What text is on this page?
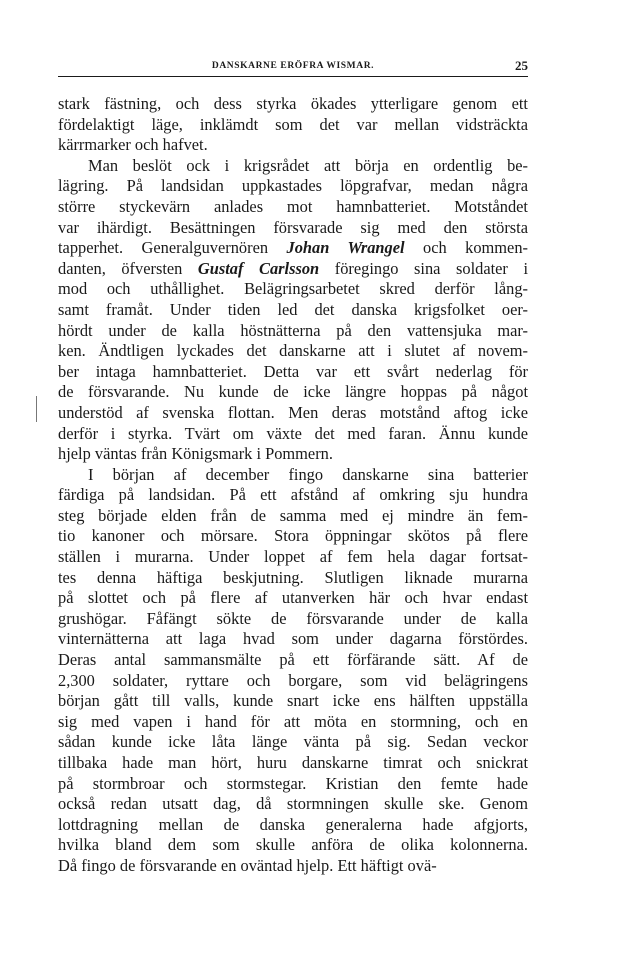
DANSKARNE ERÖFRA WISMAR.	25
stark fästning, och dess styrka ökades ytterligare genom ett
fördelaktigt läge, inklämdt som det var mellan vidsträckta
kärrmarker och hafvet.
Man beslöt ock i krigsrådet att börja en ordentlig be-
lägring. På landsidan uppkastades löpgrafvar, medan några
större styckevärn anlades mot hamnbatteriet. Motståndet
var ihärdigt. Besättningen försvarade sig med den största
tapperhet. Generalguvernören Johan Wrangel och kommen-
danten, öfversten Gustaf Carlsson föregingo sina soldater i
mod och uthållighet. Belägringsarbetet skred derför lång-
samt framåt. Under tiden led det danska krigsfolket oer-
hördt under de kalla höstnätterna på den vattensjuka mar-
ken. Ändtligen lyckades det danskarne att i slutet af novem-
ber intaga hamnbatteriet. Detta var ett svårt nederlag för
de försvarande. Nu kunde de icke längre hoppas på något
understöd af svenska flottan. Men deras motstånd aftog icke
derför i styrka. Tvärt om växte det med faran. Ännu kunde
hjelp väntas från Königsmark i Pommern.
I början af december fingo danskarne sina batterier
färdiga på landsidan. På ett afstånd af omkring sju hundra
steg började elden från de samma med ej mindre än fem-
tio kanoner och mörsare. Stora öppningar skötos på flere
ställen i murarna. Under loppet af fem hela dagar fortsat-
tes denna häftiga beskjutning. Slutligen liknade murarna
på slottet och på flere af utanverken här och hvar endast
grushögar. Fåfängt sökte de försvarande under de kalla
vinternätterna att laga hvad som under dagarna förstördes.
Deras antal sammansmälte på ett förfärande sätt. Af de
2,300 soldater, ryttare och borgare, som vid belägringens
början gått till valls, kunde snart icke ens hälften uppställa
sig med vapen i hand för att möta en stormning, och en
sådan kunde icke låta länge vänta på sig. Sedan veckor
tillbaka hade man hört, huru danskarne timrat och snickrat
på stormbroar och stormstegar. Kristian den femte hade
också redan utsatt dag, då stormningen skulle ske. Genom
lottdragning mellan de danska generalerna hade afgjorts,
hvilka bland dem som skulle anföra de olika kolonnerna.
Då fingo de försvarande en oväntad hjelp. Ett häftigt ovä-
